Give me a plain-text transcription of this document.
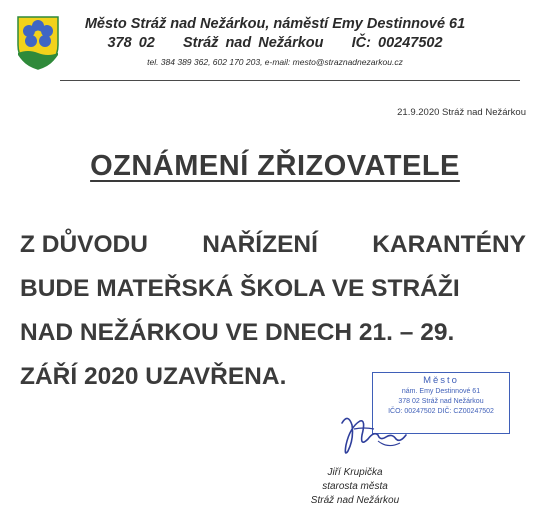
Město Stráž nad Nežárkou, náměstí Emy Destinnové 61
378 02 Stráž nad Nežárkou IČ: 00247502
tel. 384 389 362, 602 170 203, e-mail: mesto@straznadnezarkou.cz
21.9.2020 Stráž nad Nežárkou
OZNÁMENÍ ZŘIZOVATELE
Z DŮVODU NAŘÍZENÍ KARANTÉNY
BUDE MATEŘSKÁ ŠKOLA VE STRÁŽI
NAD NEŽÁRKOU VE DNECH 21. – 29.
ZÁŘÍ 2020 UZAVŘENA.	Město
nám. Emy Destinnové 61
378 02 Stráž nad Nežárkou
IČO: 00247502 DIČ: CZ00247502
Jiří Krupička
starosta města
Stráž nad Nežárkou
